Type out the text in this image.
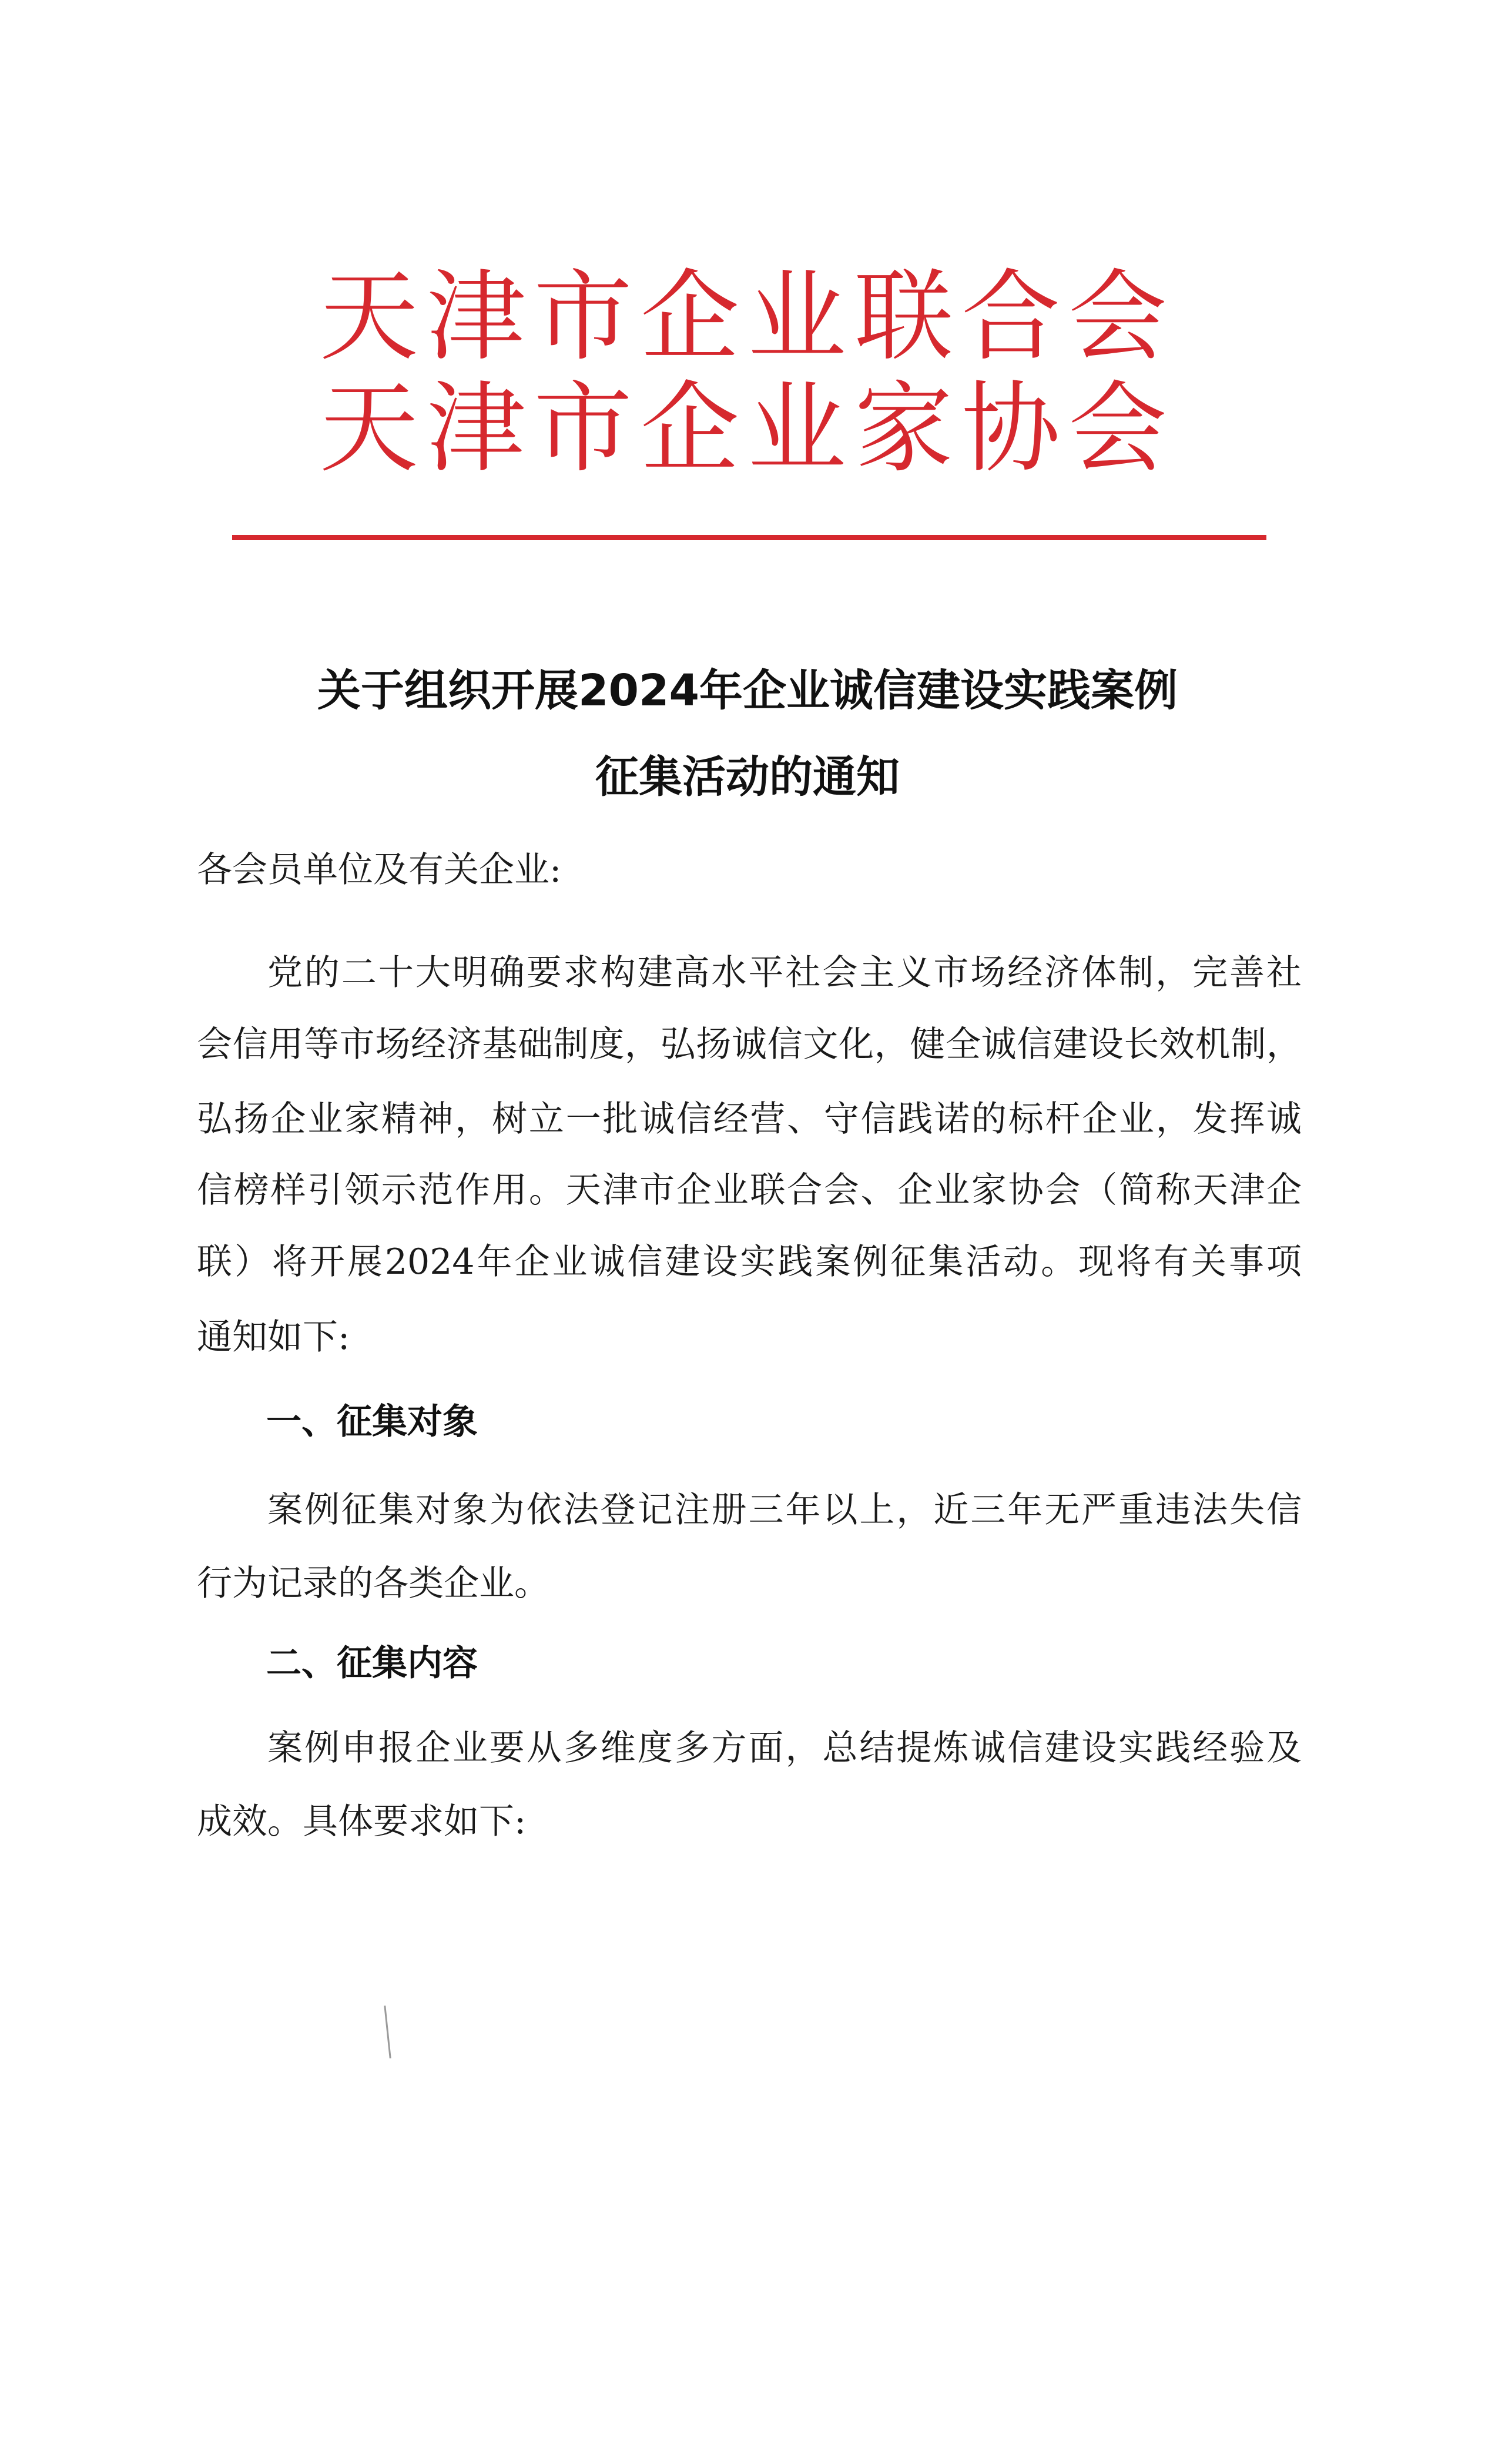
天津市企业联合会
天津市企业家协会
关于组织开展2024年企业诚信建设实践案例
征集活动的通知
各会员单位及有关企业:
党的二十大明确要求构建高水平社会主义市场经济体制，完善社
会信用等市场经济基础制度，弘扬诚信文化，健全诚信建设长效机制，
弘扬企业家精神，树立一批诚信经营、守信践诺的标杆企业，发挥诚
信榜样引领示范作用。天津市企业联合会、企业家协会（简称天津企
联）将开展2024年企业诚信建设实践案例征集活动。现将有关事项
通知如下:
一、征集对象
案例征集对象为依法登记注册三年以上，近三年无严重违法失信
行为记录的各类企业。
二、征集内容
案例申报企业要从多维度多方面，总结提炼诚信建设实践经验及
成效。具体要求如下:
